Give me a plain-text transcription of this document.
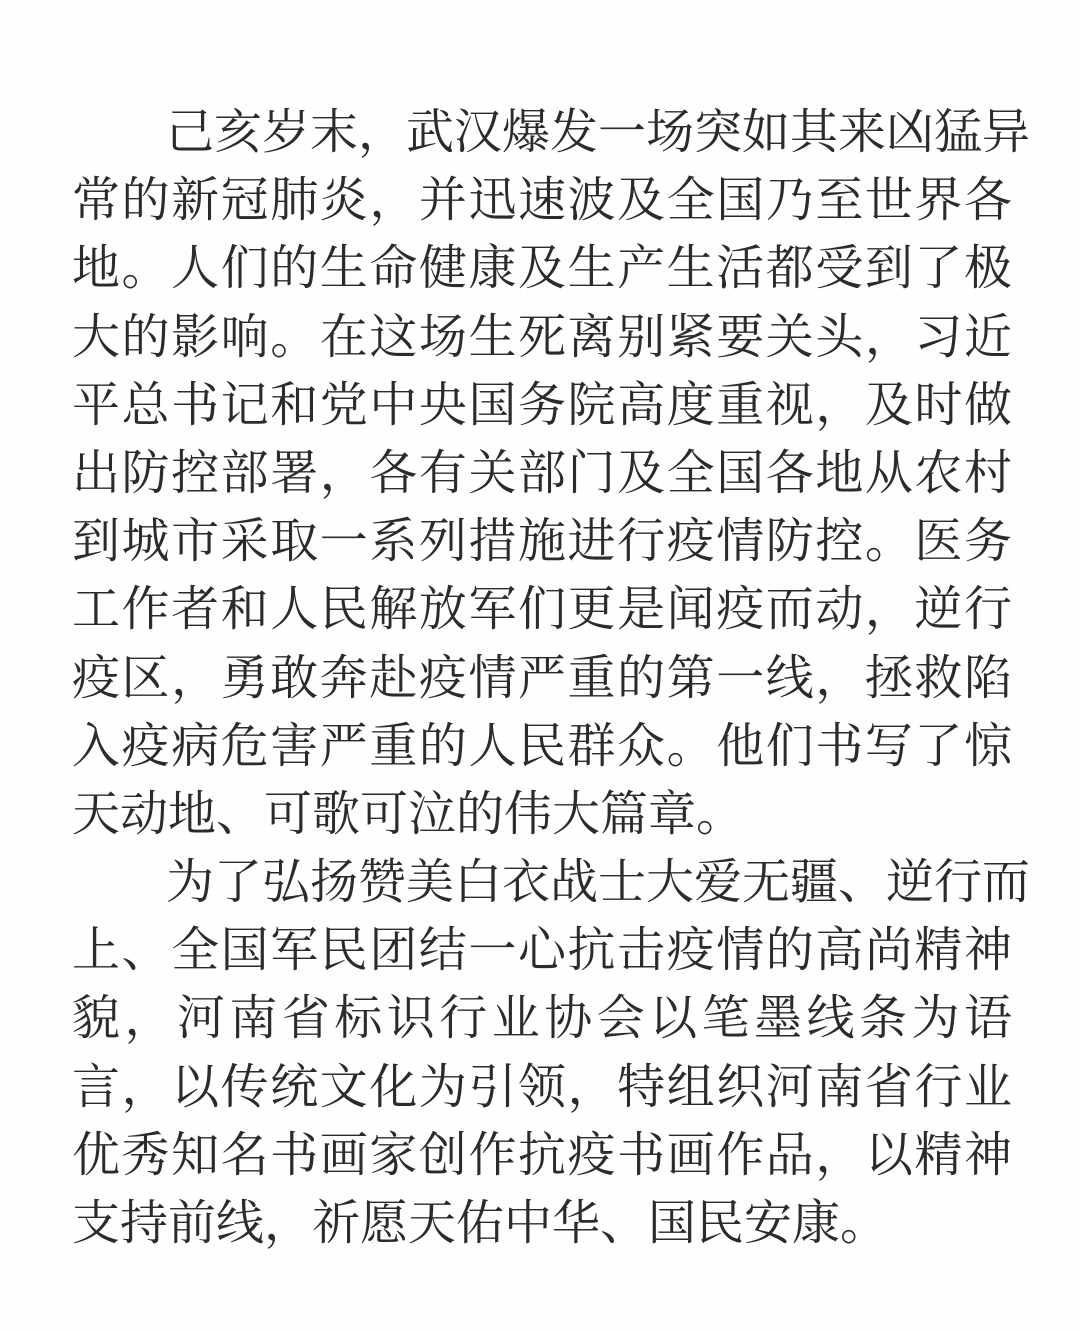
己亥岁末，武汉爆发一场突如其来凶猛异
常的新冠肺炎，并迅速波及全国乃至世界各
地。人们的生命健康及生产生活都受到了极
大的影响。在这场生死离别紧要关头，习近
平总书记和党中央国务院高度重视，及时做
出防控部署，各有关部门及全国各地从农村
到城市采取一系列措施进行疫情防控。医务
工作者和人民解放军们更是闻疫而动，逆行
疫区，勇敢奔赴疫情严重的第一线，拯救陷
入疫病危害严重的人民群众。他们书写了惊
天动地、可歌可泣的伟大篇章。
为了弘扬赞美白衣战士大爱无疆、逆行而
上、全国军民团结一心抗击疫情的高尚精神
貌，河南省标识行业协会以笔墨线条为语
言，以传统文化为引领，特组织河南省行业
优秀知名书画家创作抗疫书画作品，以精神
支持前线，祈愿天佑中华、国民安康。
